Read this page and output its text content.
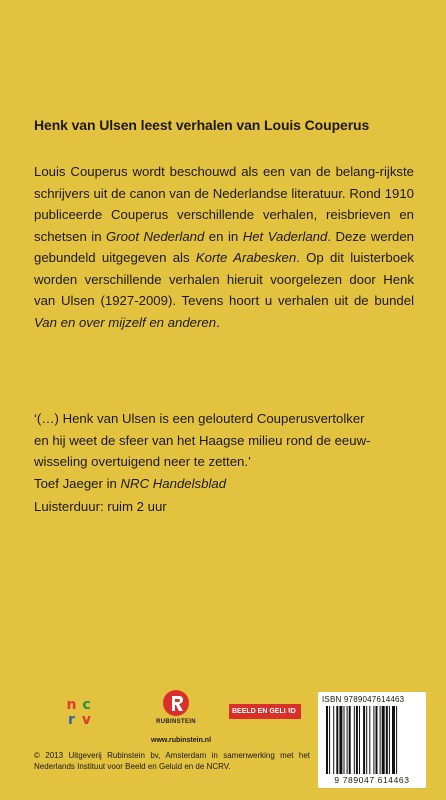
Henk van Ulsen leest verhalen van Louis Couperus
Louis Couperus wordt beschouwd als een van de belang-rijkste schrijvers uit de canon van de Nederlandse literatuur. Rond 1910 publiceerde Couperus verschillende verhalen, reisbrieven en schetsen in Groot Nederland en in Het Vaderland. Deze werden gebundeld uitgegeven als Korte Arabesken. Op dit luisterboek worden verschillende verhalen hieruit voorgelezen door Henk van Ulsen (1927-2009). Tevens hoort u verhalen uit de bundel Van en over mijzelf en anderen.
‘(…) Henk van Ulsen is een gelouterd Couperusvertolker
en hij weet de sfeer van het Haagse milieu rond de eeuw-
wisseling overtuigend neer te zetten.’
Toef Jaeger in NRC Handelsblad
Luisterduur: ruim 2 uur
n c
r v	RUBINSTEIN
BEELD EN GELUID
ISBN 9789047614463
9 789047 614463
www.rubinstein.nl
© 2013 Uitgeverij Rubinstein bv, Amsterdam in samenwerking met het Nederlands Instituut voor Beeld en Geluid en de NCRV.
